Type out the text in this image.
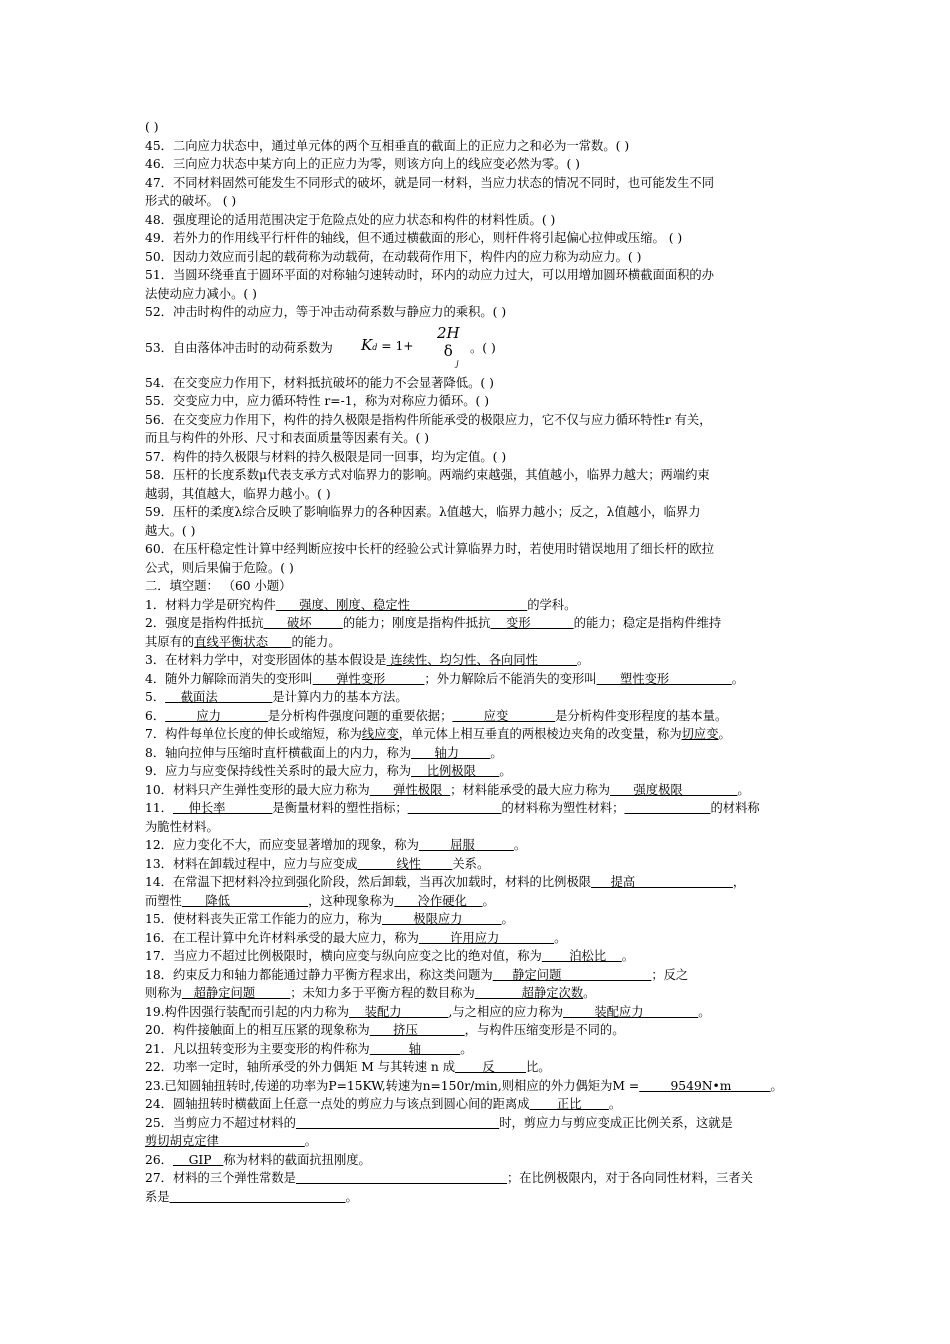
( )
45．二向应力状态中，通过单元体的两个互相垂直的截面上的正应力之和必为一常数。( )
46．三向应力状态中某方向上的正应力为零，则该方向上的线应变必然为零。( )
47．不同材料固然可能发生不同形式的破坏，就是同一材料，当应力状态的情况不同时，也可能发生不同
形式的破坏。 ( )
48．强度理论的适用范围决定于危险点处的应力状态和构件的材料性质。( )
49．若外力的作用线平行杆件的轴线，但不通过横截面的形心，则杆件将引起偏心拉伸或压缩。 ( )
50．因动力效应而引起的载荷称为动载荷，在动载荷作用下，构件内的应力称为动应力。( )
51．当圆环绕垂直于圆环平面的对称轴匀速转动时，环内的动应力过大，可以用增加圆环横截面面积的办
法使动应力减小。( )
52．冲击时构件的动应力，等于冲击动荷系数与静应力的乘积。( )
53．自由落体冲击时的动荷系数为 Kd = 1+
2H
δ
j
。( )
54．在交变应力作用下，材料抵抗破坏的能力不会显著降低。( )
55．交变应力中，应力循环特性 r=-1，称为对称应力循环。( )
56．在交变应力作用下，构件的持久极限是指构件所能承受的极限应力，它不仅与应力循环特性r 有关，
而且与构件的外形、尺寸和表面质量等因素有关。( )
57．构件的持久极限与材料的持久极限是同一回事，均为定值。( )
58．压杆的长度系数μ代表支承方式对临界力的影响。两端约束越强，其值越小，临界力越大；两端约束
越弱，其值越大，临界力越小。( )
59．压杆的柔度λ综合反映了影响临界力的各种因素。λ值越大，临界力越小；反之，λ值越小，临界力
越大。( )
60．在压杆稳定性计算中经判断应按中长杆的经验公式计算临界力时，若使用时错误地用了细长杆的欧拉
公式，则后果偏于危险。( )
二．填空题： （60 小题）
1．材料力学是研究构件      强度、刚度、稳定性                              的学科。
2．强度是指构件抵抗      破坏        的能力；刚度是指构件抵抗    变形           的能力；稳定是指构件维持
其原有的直线平衡状态      的能力。
3．在材料力学中，对变形固体的基本假设是 连续性、均匀性、各向同性          。
4．随外力解除而消失的变形叫      弹性变形          ；外力解除后不能消失的变形叫      塑性变形                。
5．    截面法              是计算内力的基本方法。
6．        应力            是分析构件强度问题的重要依据；        应变            是分析构件变形程度的基本量。
7．构件每单位长度的伸长或缩短，称为线应变，单元体上相互垂直的两根棱边夹角的改变量，称为切应变。
8．轴向拉伸与压缩时直杆横截面上的内力，称为      轴力        。
9．应力与应变保持线性关系时的最大应力，称为    比例极限      。
10．材料只产生弹性变形的最大应力称为      弹性极限  ；材料能承受的最大应力称为      强度极限              。
11．    伸长率            是衡量材料的塑性指标；	的材料称为塑性材料；	的材料称
为脆性材料。
12．应力变化不大，而应变显著增加的现象，称为        屈服          。
13．材料在卸载过程中，应力与应变成          线性        关系。
14．在常温下把材料冷拉到强化阶段，然后卸载，当再次加载时，材料的比例极限     提高                         ，
而塑性      降低                    ，这种现象称为      冷作硬化    。
15．使材料丧失正常工作能力的应力，称为        极限应力          。
16．在工程计算中允许材料承受的最大应力，称为        许用应力              。
17．当应力不超过比例极限时，横向应变与纵向应变之比的绝对值，称为       泊松比    。
18．约束反力和轴力都能通过静力平衡方程求出，称这类问题为     静定问题                       ；反之
则称为   超静定问题         ；未知力多于平衡方程的数目称为            超静定次数。
19.构件因强行装配而引起的内力称为    装配力            ,与之相应的应力称为        装配应力              。
20．构件接触面上的相互压紧的现象称为      挤压            ，与构件压缩变形是不同的。
21．凡以扭转变形为主要变形的构件称为          轴          。
22．功率一定时，轴所承受的外力偶矩 M 与其转速 n 成       反        比。
23.已知圆轴扭转时,传递的功率为P=15KW,转速为n=150r/min,则相应的外力偶矩为M =        9549N•m          。
24．圆轴扭转时横截面上任意一点处的剪应力与该点到圆心间的距离成       正比       。
25．当剪应力不超过材料的	时，剪应力与剪应变成正比例关系，这就是
剪切胡克定律                      。
26．    GIP   称为材料的截面抗扭刚度。
27．材料的三个弹性常数是	；在比例极限内，对于各向同性材料，三者关
系是	。
